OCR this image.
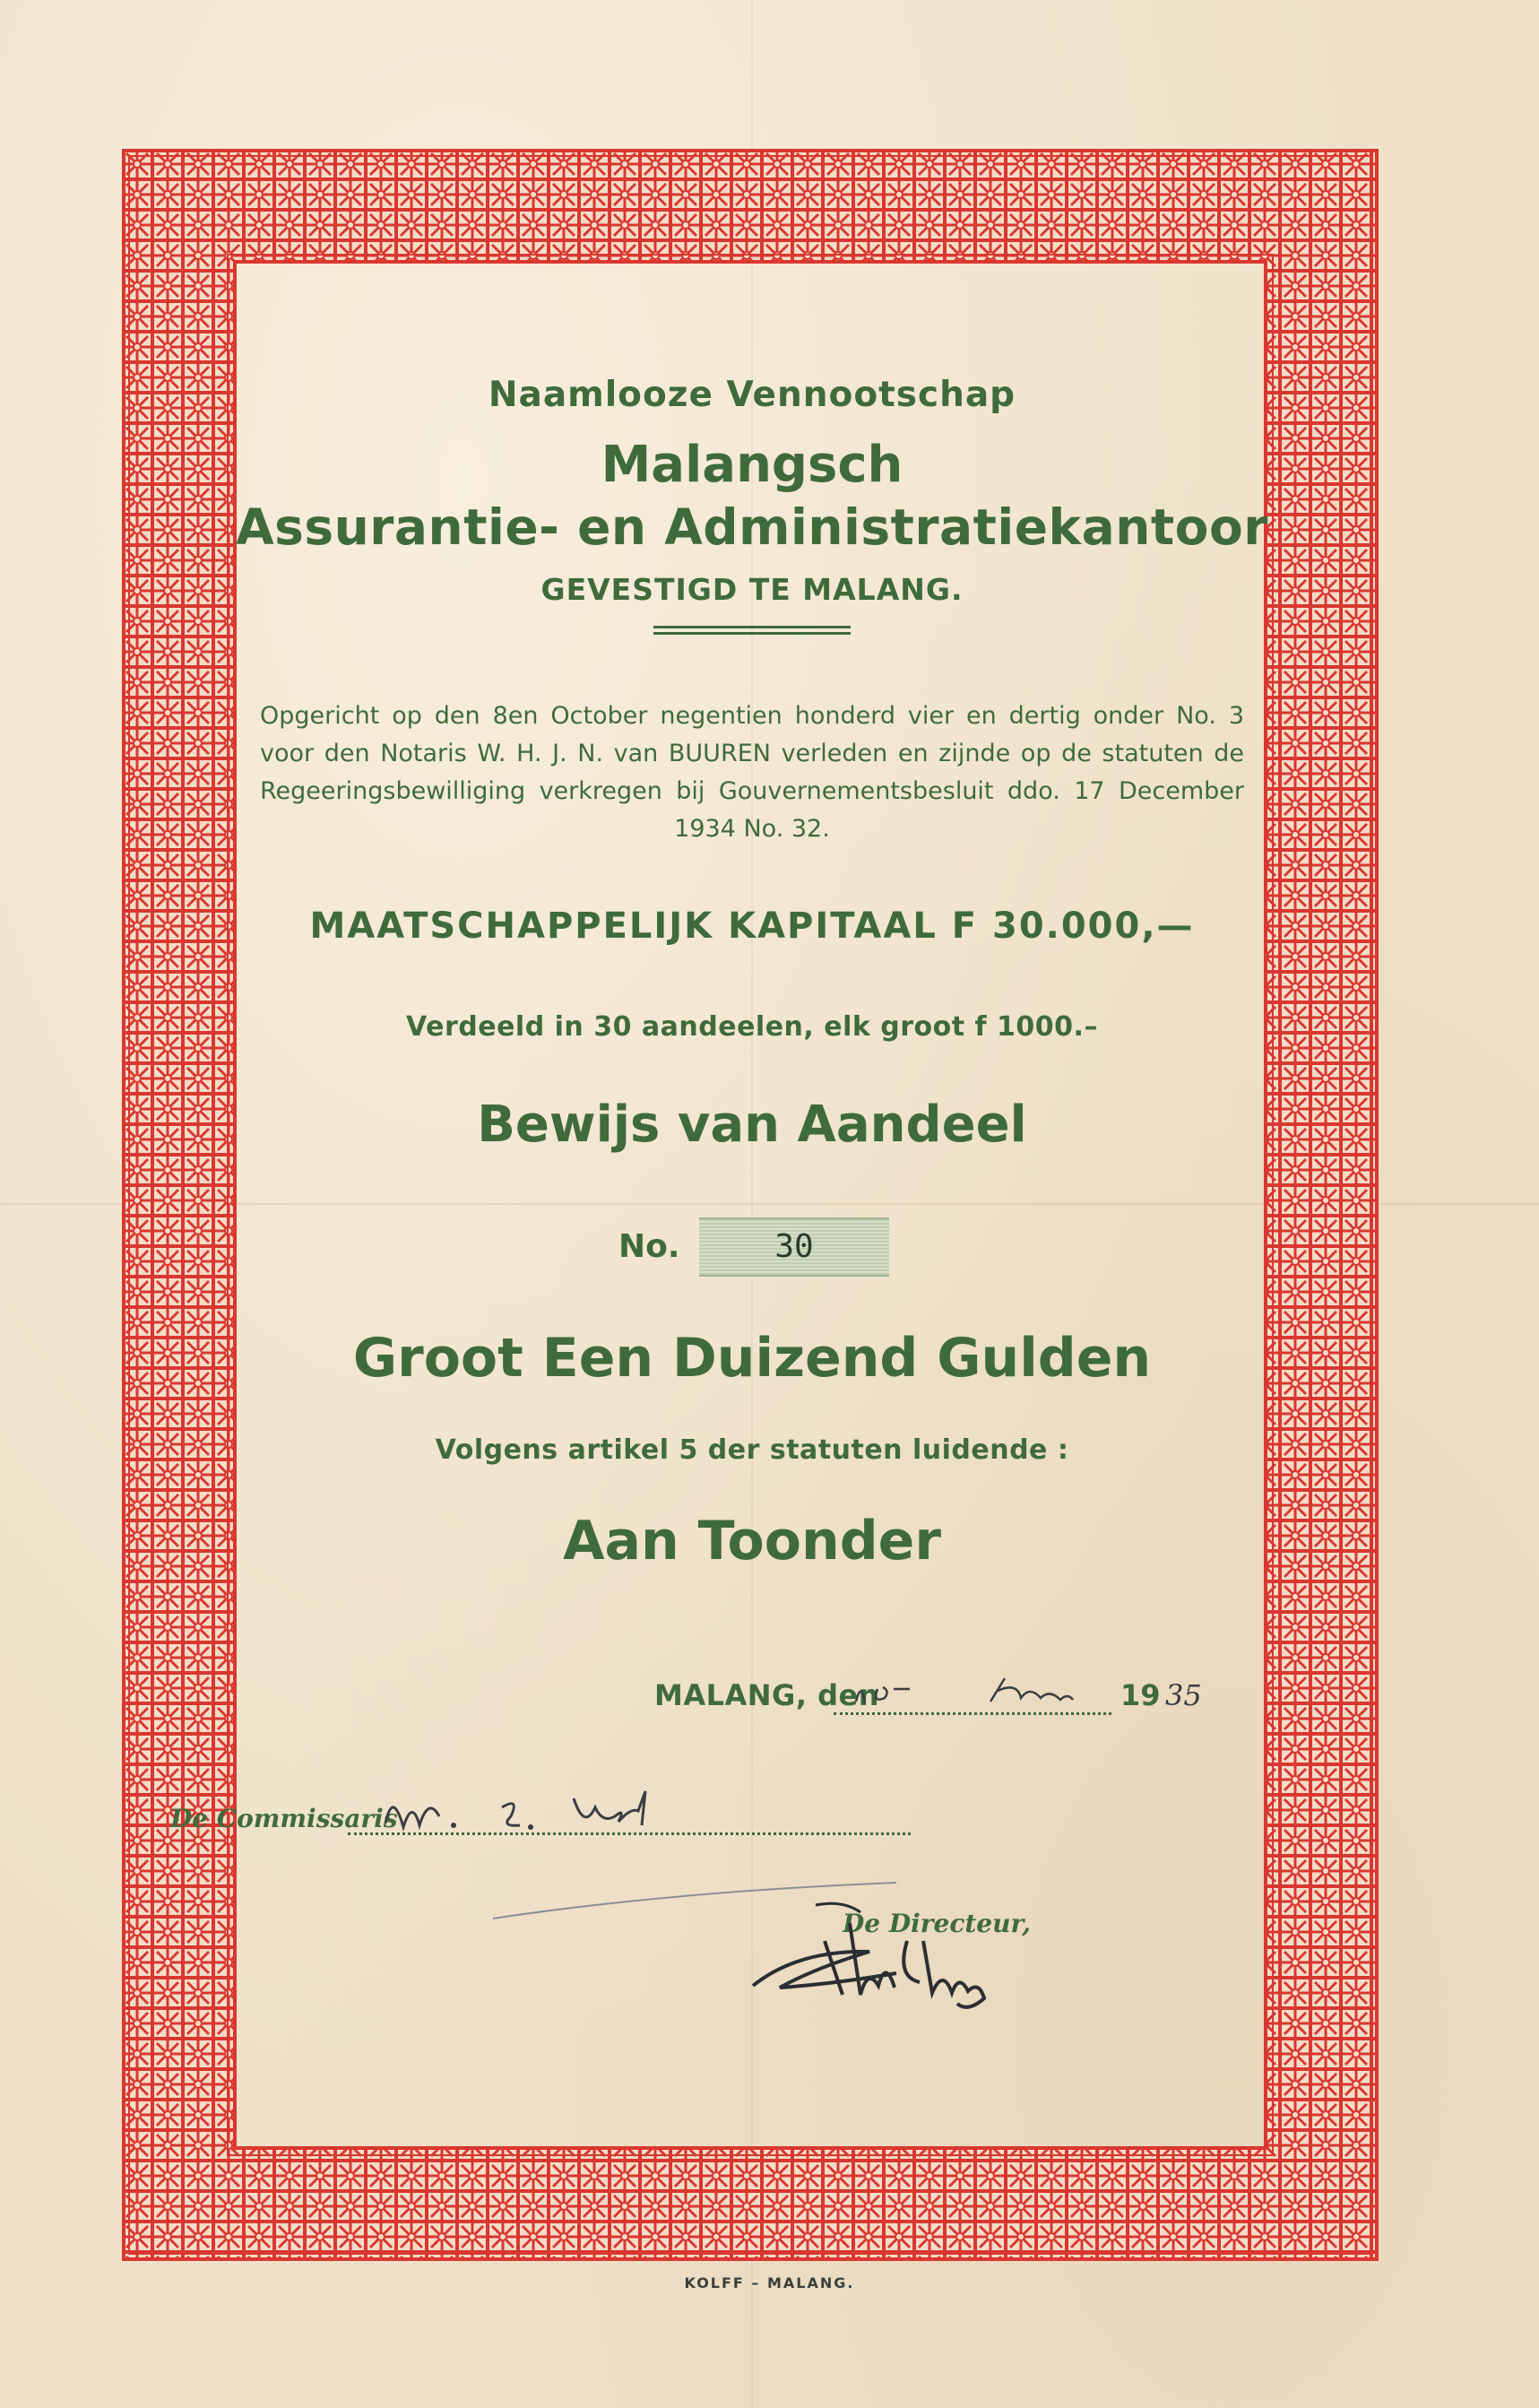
Naamlooze Vennootschap
Malangsch
Assurantie- en Administratiekantoor
GEVESTIGD TE MALANG.
Opgericht op den 8en October negentien honderd vier en dertig onder No. 3 voor den Notaris W. H. J. N. van BUUREN verleden en zijnde op de statuten de Regeeringsbewilliging verkregen bij Gouvernementsbesluit ddo. 17 December 1934 No. 32.
MAATSCHAPPELIJK KAPITAAL F 30.000,—
Verdeeld in 30 aandeelen, elk groot f 1000.–
Bewijs van Aandeel
No.	30
Groot Een Duizend Gulden
Volgens artikel 5 der statuten luidende :
Aan Toonder
MALANG, den	19 35
De Commissaris
De Directeur,
KOLFF – MALANG.
